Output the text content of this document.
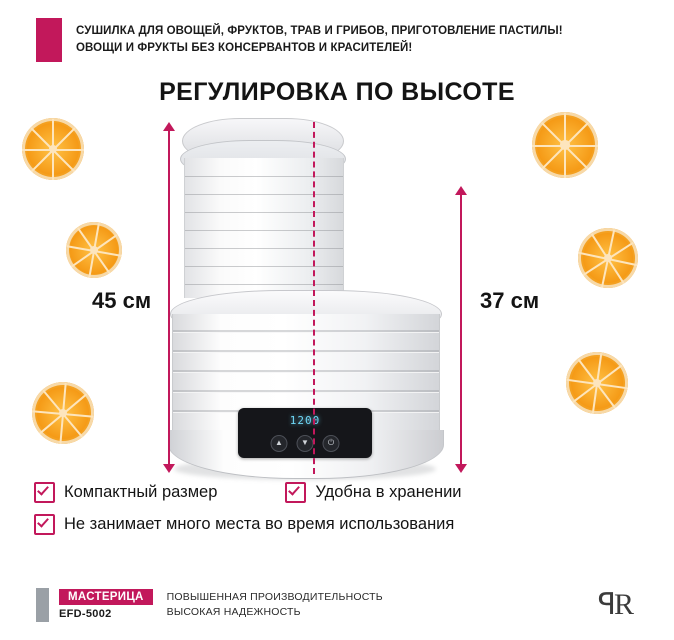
СУШИЛКА ДЛЯ ОВОЩЕЙ, ФРУКТОВ, ТРАВ И ГРИБОВ, ПРИГОТОВЛЕНИЕ ПАСТИЛЫ!
ОВОЩИ И ФРУКТЫ БЕЗ КОНСЕРВАНТОВ И КРАСИТЕЛЕЙ!
РЕГУЛИРОВКА ПО ВЫСОТЕ
1200
▲	▼	⏻
45 см	37 см
Компактный размер	Удобна в хранении
Не занимает много места во время использования
МАСТЕРИЦА
EFD-5002
ПОВЫШЕННАЯ ПРОИЗВОДИТЕЛЬНОСТЬ
ВЫСОКАЯ НАДЕЖНОСТЬ	ꟼR
